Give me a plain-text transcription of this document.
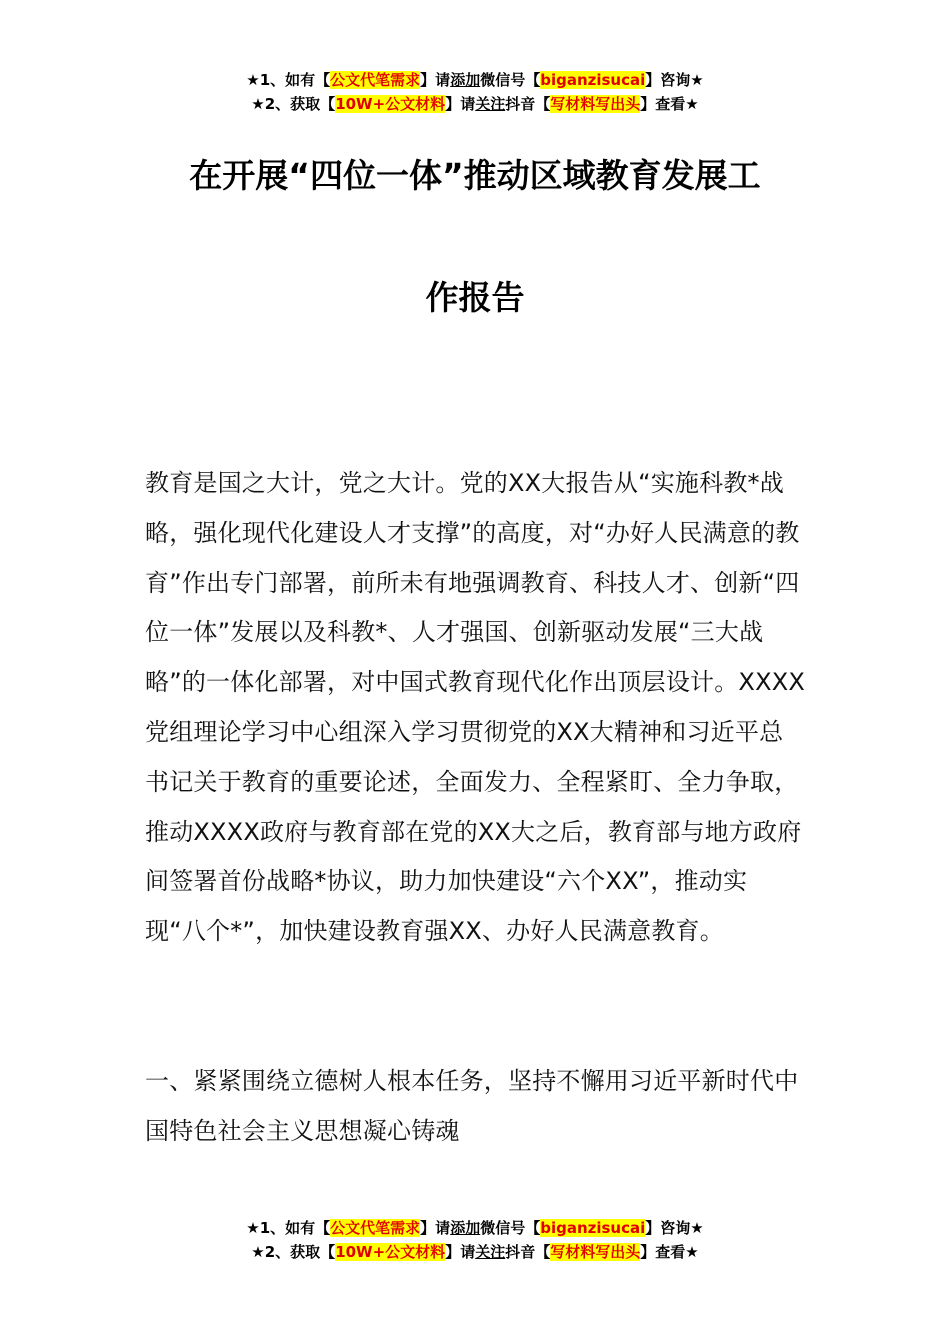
★1、如有【公文代笔需求】请添加微信号【biganzisucai】咨询★
★2、获取【10W+公文材料】请关注抖音【写材料写出头】查看★
在开展“四位一体”推动区域教育发展工
作报告

教育是国之大计，党之大计。党的XX大报告从“实施科教*战略，强化现代化建设人才支撑”的高度，对“办好人民满意的教育”作出专门部署，前所未有地强调教育、科技人才、创新“四位一体”发展以及科教*、人才强国、创新驱动发展“三大战略”的一体化部署，对中国式教育现代化作出顶层设计。XXXX党组理论学习中心组深入学习贯彻党的XX大精神和习近平总书记关于教育的重要论述，全面发力、全程紧盯、全力争取，推动XXXX政府与教育部在党的XX大之后，教育部与地方政府间签署首份战略*协议，助力加快建设“六个XX”，推动实现“八个*”，加快建设教育强XX、办好人民满意教育。

一、紧紧围绕立德树人根本任务，坚持不懈用习近平新时代中国特色社会主义思想凝心铸魂

★1、如有【公文代笔需求】请添加微信号【biganzisucai】咨询★
★2、获取【10W+公文材料】请关注抖音【写材料写出头】查看★
